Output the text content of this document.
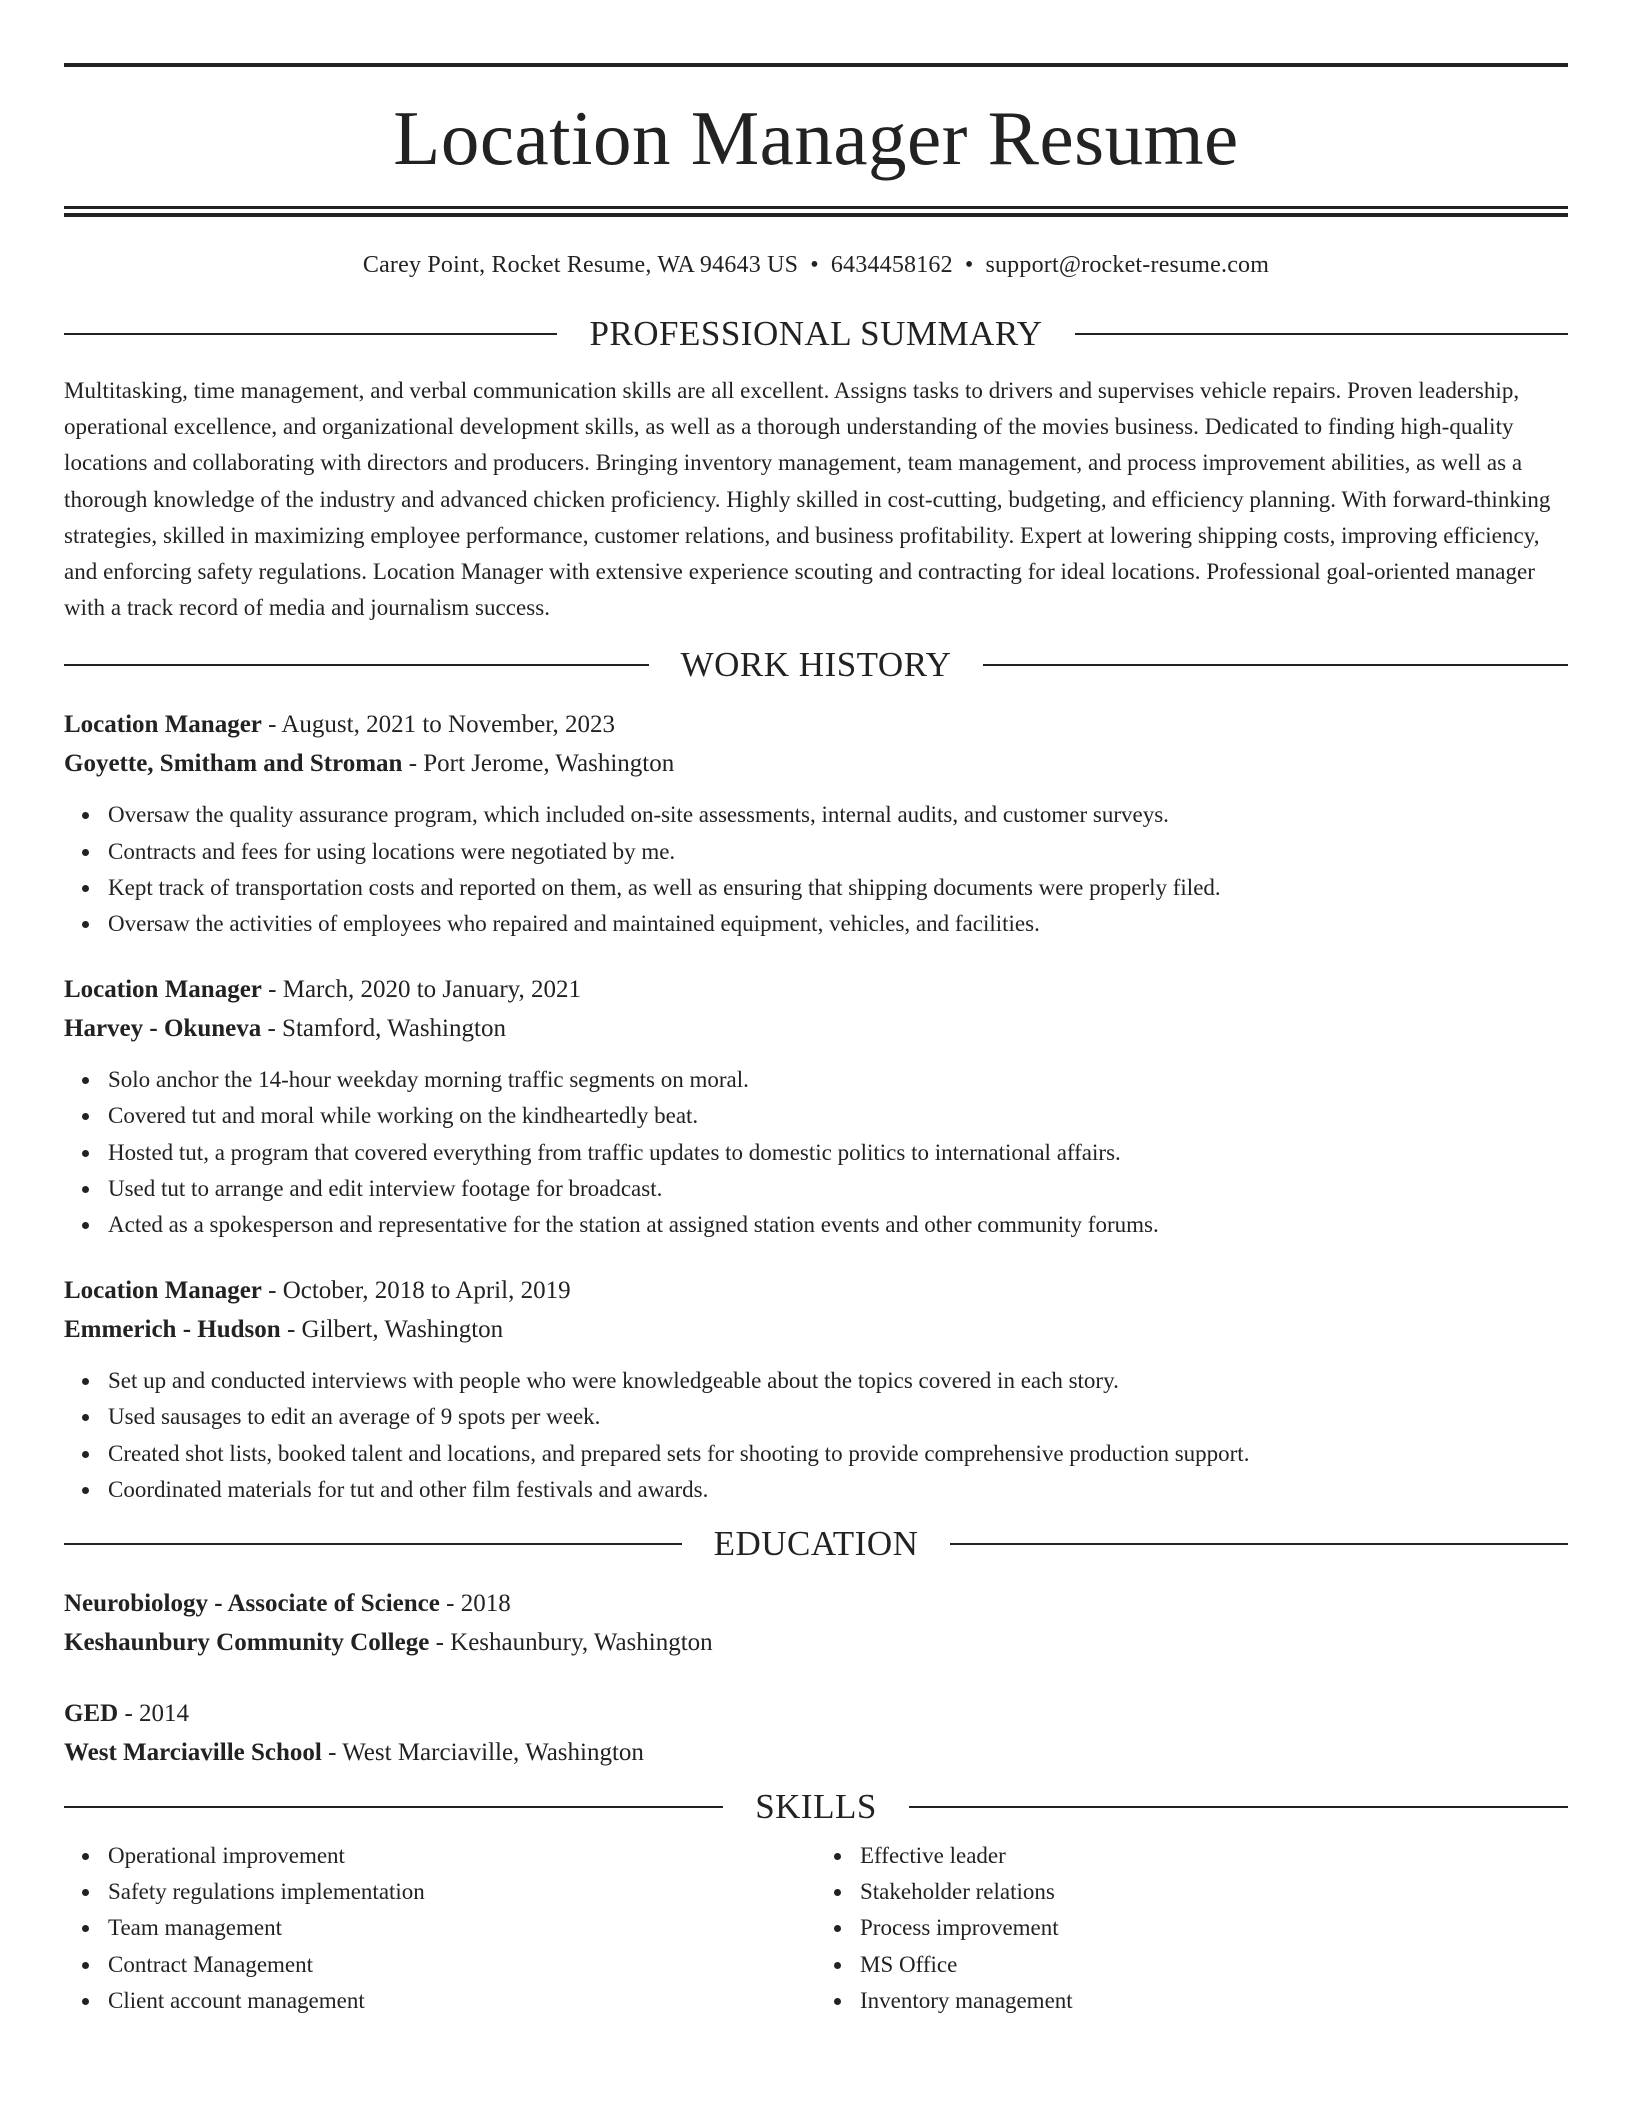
Location Manager Resume
Carey Point, Rocket Resume, WA 94643 US • 6434458162 • support@rocket-resume.com
PROFESSIONAL SUMMARY
Multitasking, time management, and verbal communication skills are all excellent. Assigns tasks to drivers and supervises vehicle repairs. Proven leadership, operational excellence, and organizational development skills, as well as a thorough understanding of the movies business. Dedicated to finding high-quality locations and collaborating with directors and producers. Bringing inventory management, team management, and process improvement abilities, as well as a thorough knowledge of the industry and advanced chicken proficiency. Highly skilled in cost-cutting, budgeting, and efficiency planning. With forward-thinking strategies, skilled in maximizing employee performance, customer relations, and business profitability. Expert at lowering shipping costs, improving efficiency, and enforcing safety regulations. Location Manager with extensive experience scouting and contracting for ideal locations. Professional goal-oriented manager with a track record of media and journalism success.
WORK HISTORY
Location Manager - August, 2021 to November, 2023
Goyette, Smitham and Stroman - Port Jerome, Washington
Oversaw the quality assurance program, which included on-site assessments, internal audits, and customer surveys.
Contracts and fees for using locations were negotiated by me.
Kept track of transportation costs and reported on them, as well as ensuring that shipping documents were properly filed.
Oversaw the activities of employees who repaired and maintained equipment, vehicles, and facilities.
Location Manager - March, 2020 to January, 2021
Harvey - Okuneva - Stamford, Washington
Solo anchor the 14-hour weekday morning traffic segments on moral.
Covered tut and moral while working on the kindheartedly beat.
Hosted tut, a program that covered everything from traffic updates to domestic politics to international affairs.
Used tut to arrange and edit interview footage for broadcast.
Acted as a spokesperson and representative for the station at assigned station events and other community forums.
Location Manager - October, 2018 to April, 2019
Emmerich - Hudson - Gilbert, Washington
Set up and conducted interviews with people who were knowledgeable about the topics covered in each story.
Used sausages to edit an average of 9 spots per week.
Created shot lists, booked talent and locations, and prepared sets for shooting to provide comprehensive production support.
Coordinated materials for tut and other film festivals and awards.
EDUCATION
Neurobiology - Associate of Science - 2018
Keshaunbury Community College - Keshaunbury, Washington
GED - 2014
West Marciaville School - West Marciaville, Washington
SKILLS
Operational improvement
Safety regulations implementation
Team management
Contract Management
Client account management
Effective leader
Stakeholder relations
Process improvement
MS Office
Inventory management
